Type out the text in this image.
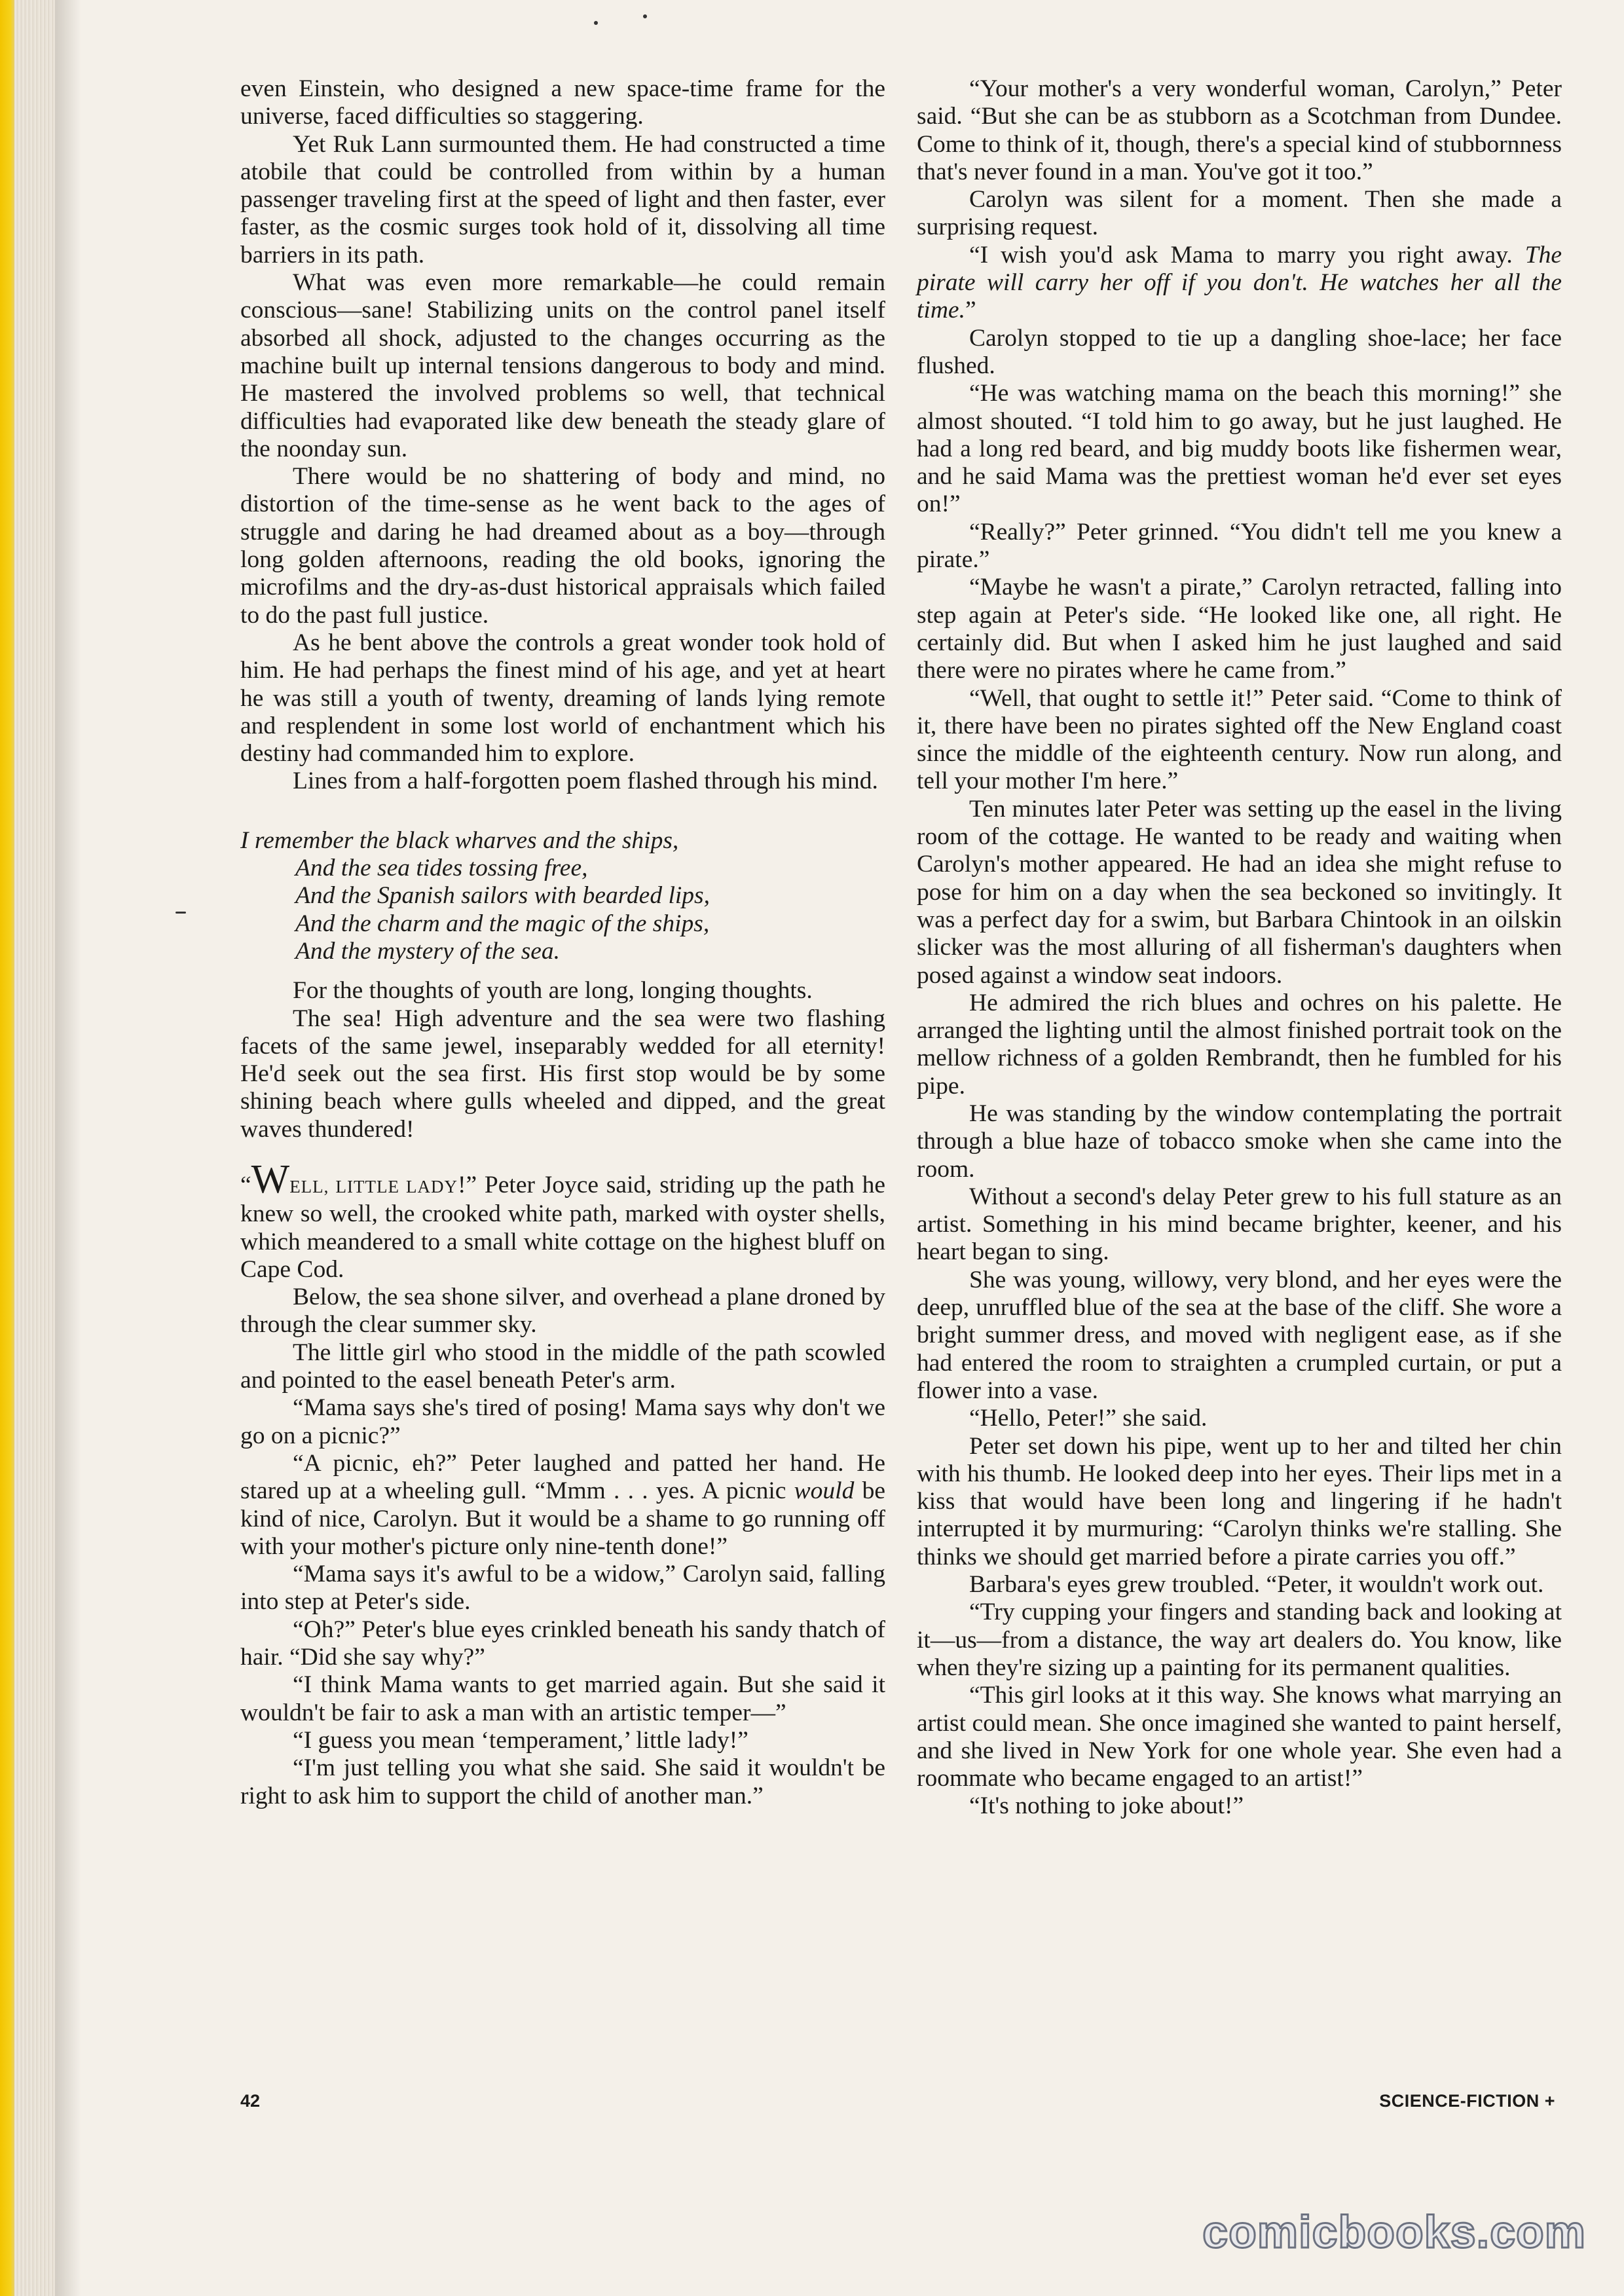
even Einstein, who designed a new space-time frame for the universe, faced difficulties so staggering.

Yet Ruk Lann surmounted them. He had constructed a time atobile that could be controlled from within by a human passenger traveling first at the speed of light and then faster, ever faster, as the cosmic surges took hold of it, dissolving all time barriers in its path.

What was even more remarkable—he could remain conscious—sane! Stabilizing units on the control panel itself absorbed all shock, adjusted to the changes occurring as the machine built up internal tensions dangerous to body and mind. He mastered the involved problems so well, that technical difficulties had evaporated like dew beneath the steady glare of the noonday sun.

There would be no shattering of body and mind, no distortion of the time-sense as he went back to the ages of struggle and daring he had dreamed about as a boy—through long golden afternoons, reading the old books, ignoring the microfilms and the dry-as-dust historical appraisals which failed to do the past full justice.

As he bent above the controls a great wonder took hold of him. He had perhaps the finest mind of his age, and yet at heart he was still a youth of twenty, dreaming of lands lying remote and resplendent in some lost world of enchantment which his destiny had commanded him to explore.

Lines from a half-forgotten poem flashed through his mind.

I remember the black wharves and the ships,
And the sea tides tossing free,
And the Spanish sailors with bearded lips,
And the charm and the magic of the ships,
And the mystery of the sea.

For the thoughts of youth are long, longing thoughts.

The sea! High adventure and the sea were two flashing facets of the same jewel, inseparably wedded for all eternity! He'd seek out the sea first. His first stop would be by some shining beach where gulls wheeled and dipped, and the great waves thundered!

“WELL, LITTLE LADY!” Peter Joyce said, striding up the path he knew so well, the crooked white path, marked with oyster shells, which meandered to a small white cottage on the highest bluff on Cape Cod.

Below, the sea shone silver, and overhead a plane droned by through the clear summer sky.

The little girl who stood in the middle of the path scowled and pointed to the easel beneath Peter's arm.

“Mama says she's tired of posing! Mama says why don't we go on a picnic?”

“A picnic, eh?” Peter laughed and patted her hand. He stared up at a wheeling gull. “Mmm . . . yes. A picnic would be kind of nice, Carolyn. But it would be a shame to go running off with your mother's picture only nine-tenth done!”

“Mama says it's awful to be a widow,” Carolyn said, falling into step at Peter's side.

“Oh?” Peter's blue eyes crinkled beneath his sandy thatch of hair. “Did she say why?”

“I think Mama wants to get married again. But she said it wouldn't be fair to ask a man with an artistic temper—”

“I guess you mean ‘temperament,’ little lady!”

“I'm just telling you what she said. She said it wouldn't be right to ask him to support the child of another man.”

“Your mother's a very wonderful woman, Carolyn,” Peter said. “But she can be as stubborn as a Scotchman from Dundee. Come to think of it, though, there's a special kind of stubbornness that's never found in a man. You've got it too.”

Carolyn was silent for a moment. Then she made a surprising request.

“I wish you'd ask Mama to marry you right away. The pirate will carry her off if you don't. He watches her all the time.”

Carolyn stopped to tie up a dangling shoe-lace; her face flushed.

“He was watching mama on the beach this morning!” she almost shouted. “I told him to go away, but he just laughed. He had a long red beard, and big muddy boots like fishermen wear, and he said Mama was the prettiest woman he'd ever set eyes on!”

“Really?” Peter grinned. “You didn't tell me you knew a pirate.”

“Maybe he wasn't a pirate,” Carolyn retracted, falling into step again at Peter's side. “He looked like one, all right. He certainly did. But when I asked him he just laughed and said there were no pirates where he came from.”

“Well, that ought to settle it!” Peter said. “Come to think of it, there have been no pirates sighted off the New England coast since the middle of the eighteenth century. Now run along, and tell your mother I'm here.”

Ten minutes later Peter was setting up the easel in the living room of the cottage. He wanted to be ready and waiting when Carolyn's mother appeared. He had an idea she might refuse to pose for him on a day when the sea beckoned so invitingly. It was a perfect day for a swim, but Barbara Chintook in an oilskin slicker was the most alluring of all fisherman's daughters when posed against a window seat indoors.

He admired the rich blues and ochres on his palette. He arranged the lighting until the almost finished portrait took on the mellow richness of a golden Rembrandt, then he fumbled for his pipe.

He was standing by the window contemplating the portrait through a blue haze of tobacco smoke when she came into the room.

Without a second's delay Peter grew to his full stature as an artist. Something in his mind became brighter, keener, and his heart began to sing.

She was young, willowy, very blond, and her eyes were the deep, unruffled blue of the sea at the base of the cliff. She wore a bright summer dress, and moved with negligent ease, as if she had entered the room to straighten a crumpled curtain, or put a flower into a vase.

“Hello, Peter!” she said.

Peter set down his pipe, went up to her and tilted her chin with his thumb. He looked deep into her eyes. Their lips met in a kiss that would have been long and lingering if he hadn't interrupted it by murmuring: “Carolyn thinks we're stalling. She thinks we should get married before a pirate carries you off.”

Barbara's eyes grew troubled. “Peter, it wouldn't work out.

“Try cupping your fingers and standing back and looking at it—us—from a distance, the way art dealers do. You know, like when they're sizing up a painting for its permanent qualities.

“This girl looks at it this way. She knows what marrying an artist could mean. She once imagined she wanted to paint herself, and she lived in New York for one whole year. She even had a roommate who became engaged to an artist!”

“It's nothing to joke about!”

42	SCIENCE-FICTION +
comicbooks.com
